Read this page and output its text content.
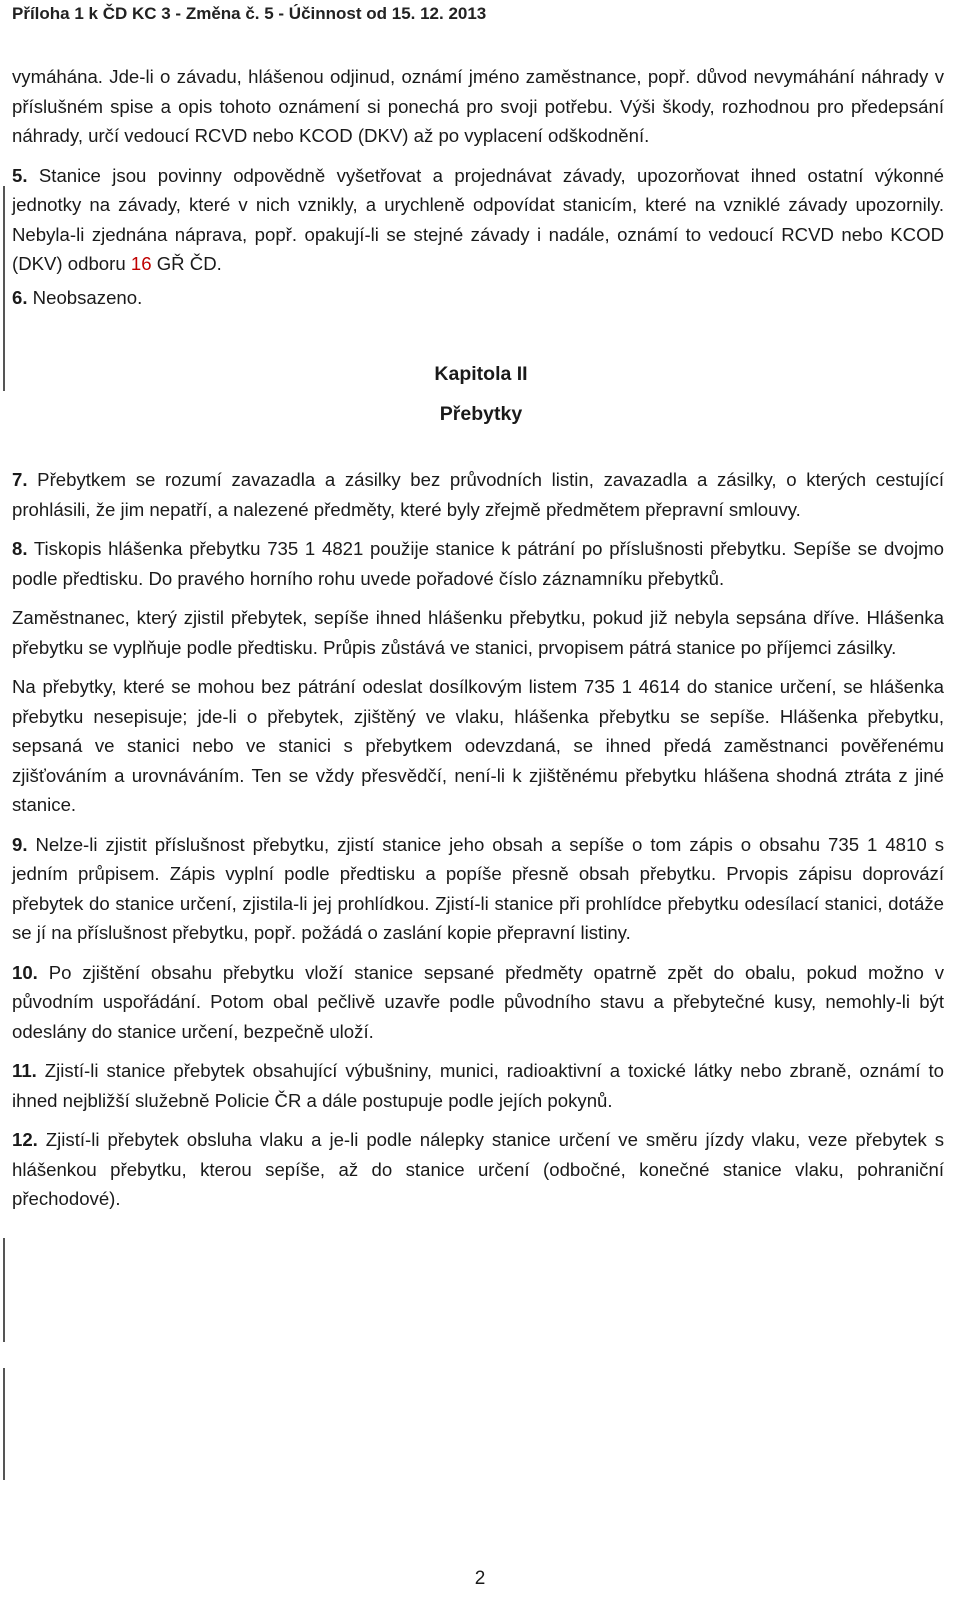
Příloha 1 k ČD KC 3 - Změna č. 5 - Účinnost od 15. 12. 2013

vymáhána. Jde-li o závadu, hlášenou odjinud, oznámí jméno zaměstnance, popř. důvod nevymáhání náhrady v příslušném spise a opis tohoto oznámení si ponechá pro svoji potřebu. Výši škody, rozhodnou pro předepsání náhrady, určí vedoucí RCVD nebo KCOD (DKV) až po vyplacení odškodnění.

5. Stanice jsou povinny odpovědně vyšetřovat a projednávat závady, upozorňovat ihned ostatní výkonné jednotky na závady, které v nich vznikly, a urychleně odpovídat stanicím, které na vzniklé závady upozornily. Nebyla-li zjednána náprava, popř. opakují-li se stejné závady i nadále, oznámí to vedoucí RCVD nebo KCOD (DKV) odboru 16 GŘ ČD.

6. Neobsazeno.

Kapitola II
Přebytky

7. Přebytkem se rozumí zavazadla a zásilky bez průvodních listin, zavazadla a zásilky, o kterých cestující prohlásili, že jim nepatří, a nalezené předměty, které byly zřejmě předmětem přepravní smlouvy.

8. Tiskopis hlášenka přebytku 735 1 4821 použije stanice k pátrání po příslušnosti přebytku. Sepíše se dvojmo podle předtisku. Do pravého horního rohu uvede pořadové číslo záznamníku přebytků.

Zaměstnanec, který zjistil přebytek, sepíše ihned hlášenku přebytku, pokud již nebyla sepsána dříve. Hlášenka přebytku se vyplňuje podle předtisku. Průpis zůstává ve stanici, prvopisem pátrá stanice po příjemci zásilky.

Na přebytky, které se mohou bez pátrání odeslat dosílkovým listem 735 1 4614 do stanice určení, se hlášenka přebytku nesepisuje; jde-li o přebytek, zjištěný ve vlaku, hlášenka přebytku se sepíše. Hlášenka přebytku, sepsaná ve stanici nebo ve stanici s přebytkem odevzdaná, se ihned předá zaměstnanci pověřenému zjišťováním a urovnáváním. Ten se vždy přesvědčí, není-li k zjištěnému přebytku hlášena shodná ztráta z jiné stanice.

9. Nelze-li zjistit příslušnost přebytku, zjistí stanice jeho obsah a sepíše o tom zápis o obsahu 735 1 4810 s jedním průpisem. Zápis vyplní podle předtisku a popíše přesně obsah přebytku. Prvopis zápisu doprovází přebytek do stanice určení, zjistila-li jej prohlídkou. Zjistí-li stanice při prohlídce přebytku odesílací stanici, dotáže se jí na příslušnost přebytku, popř. požádá o zaslání kopie přepravní listiny.

10. Po zjištění obsahu přebytku vloží stanice sepsané předměty opatrně zpět do obalu, pokud možno v původním uspořádání. Potom obal pečlivě uzavře podle původního stavu a přebytečné kusy, nemohly-li být odeslány do stanice určení, bezpečně uloží.

11. Zjistí-li stanice přebytek obsahující výbušniny, munici, radioaktivní a toxické látky nebo zbraně, oznámí to ihned nejbližší služebně Policie ČR a dále postupuje podle jejích pokynů.

12. Zjistí-li přebytek obsluha vlaku a je-li podle nálepky stanice určení ve směru jízdy vlaku, veze přebytek s hlášenkou přebytku, kterou sepíše, až do stanice určení (odbočné, konečné stanice vlaku, pohraniční přechodové).

2
